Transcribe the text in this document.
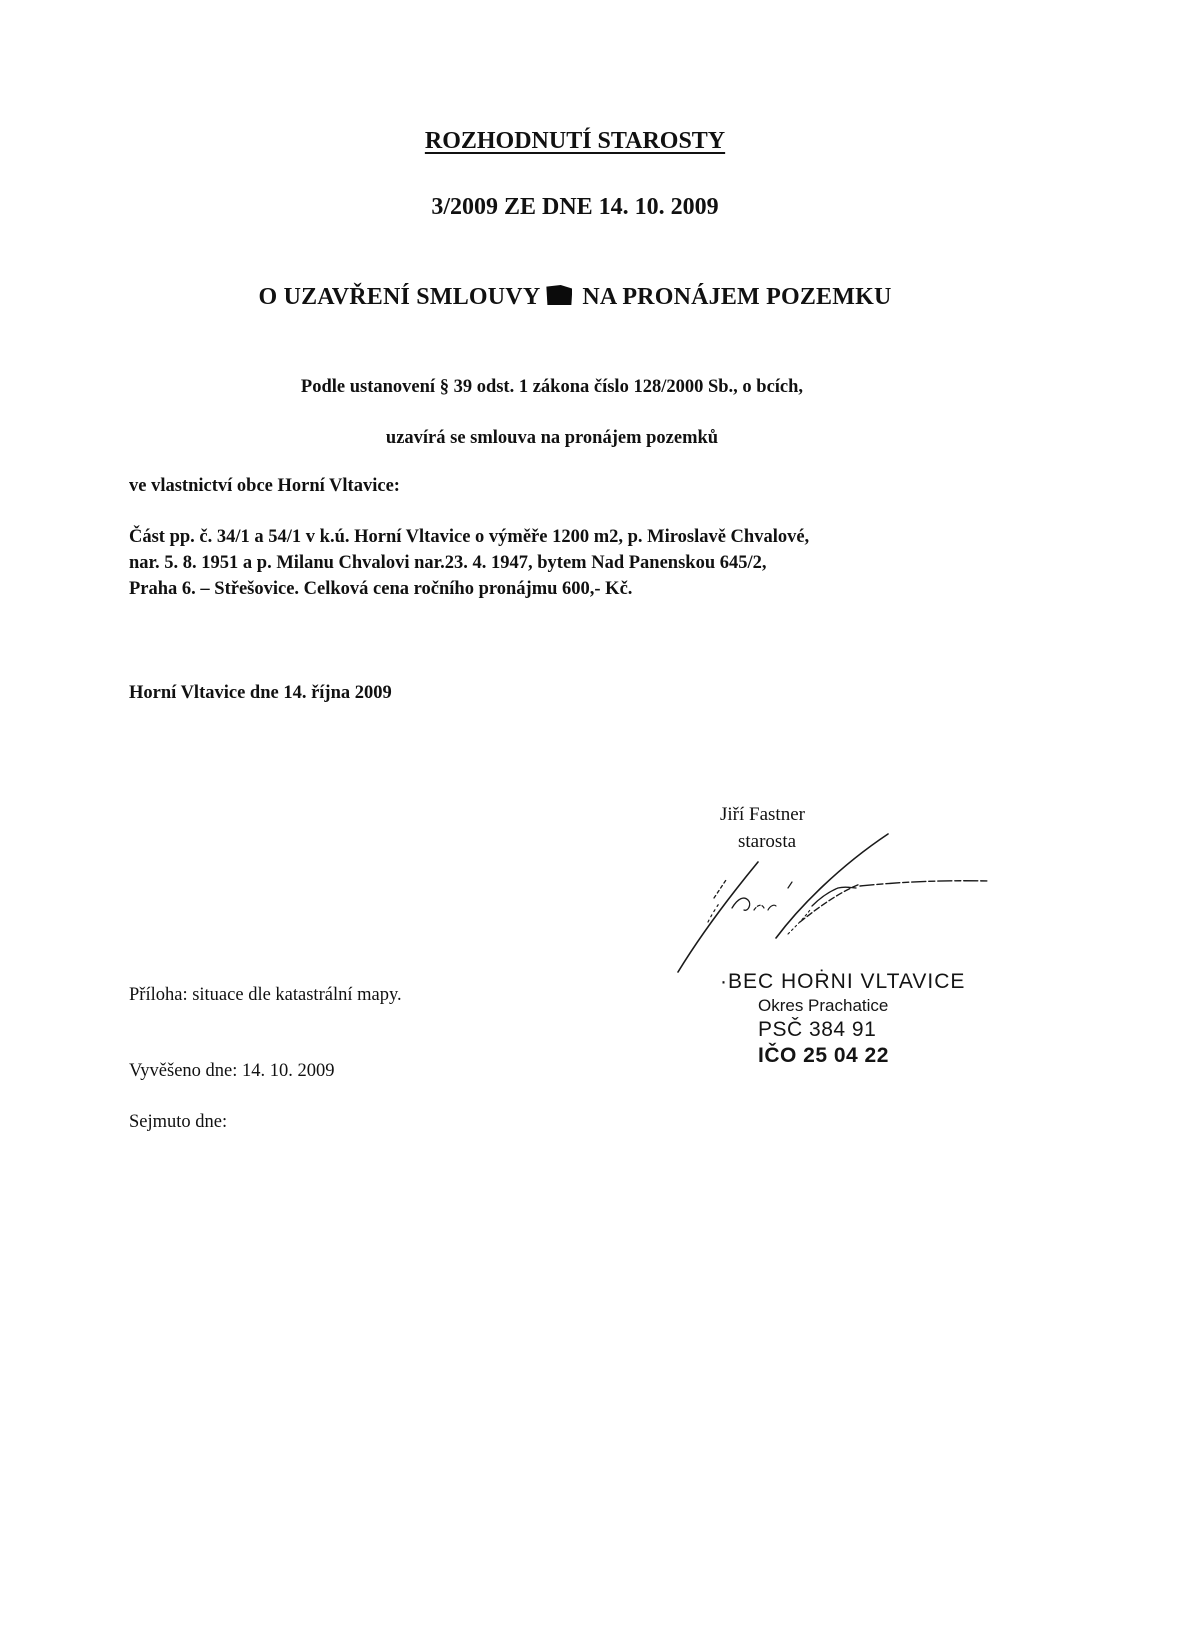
ROZHODNUTÍ STAROSTY

3/2009 ZE DNE 14. 10. 2009

O UZAVŘENÍ SMLOUVY NA PRONÁJEM POZEMKU

Podle ustanovení § 39 odst. 1 zákona číslo 128/2000 Sb., o bcích,

uzavírá se smlouva na pronájem pozemků

ve vlastnictví obce Horní Vltavice:

Část pp. č. 34/1 a 54/1 v k.ú. Horní Vltavice o výměře 1200 m2, p. Miroslavě Chvalové,

nar. 5. 8. 1951 a p. Milanu Chvalovi nar.23. 4. 1947, bytem Nad Panenskou 645/2,

Praha 6. – Střešovice. Celková cena ročního pronájmu 600,- Kč.

Horní Vltavice dne 14. října 2009

Jiří Fastner

starosta

·BEC HOṘNI VLTAVICE
Okres Prachatice
PSČ 384 91
IČO 25 04 22

Příloha: situace dle katastrální mapy.

Vyvěšeno dne: 14. 10. 2009

Sejmuto dne:
